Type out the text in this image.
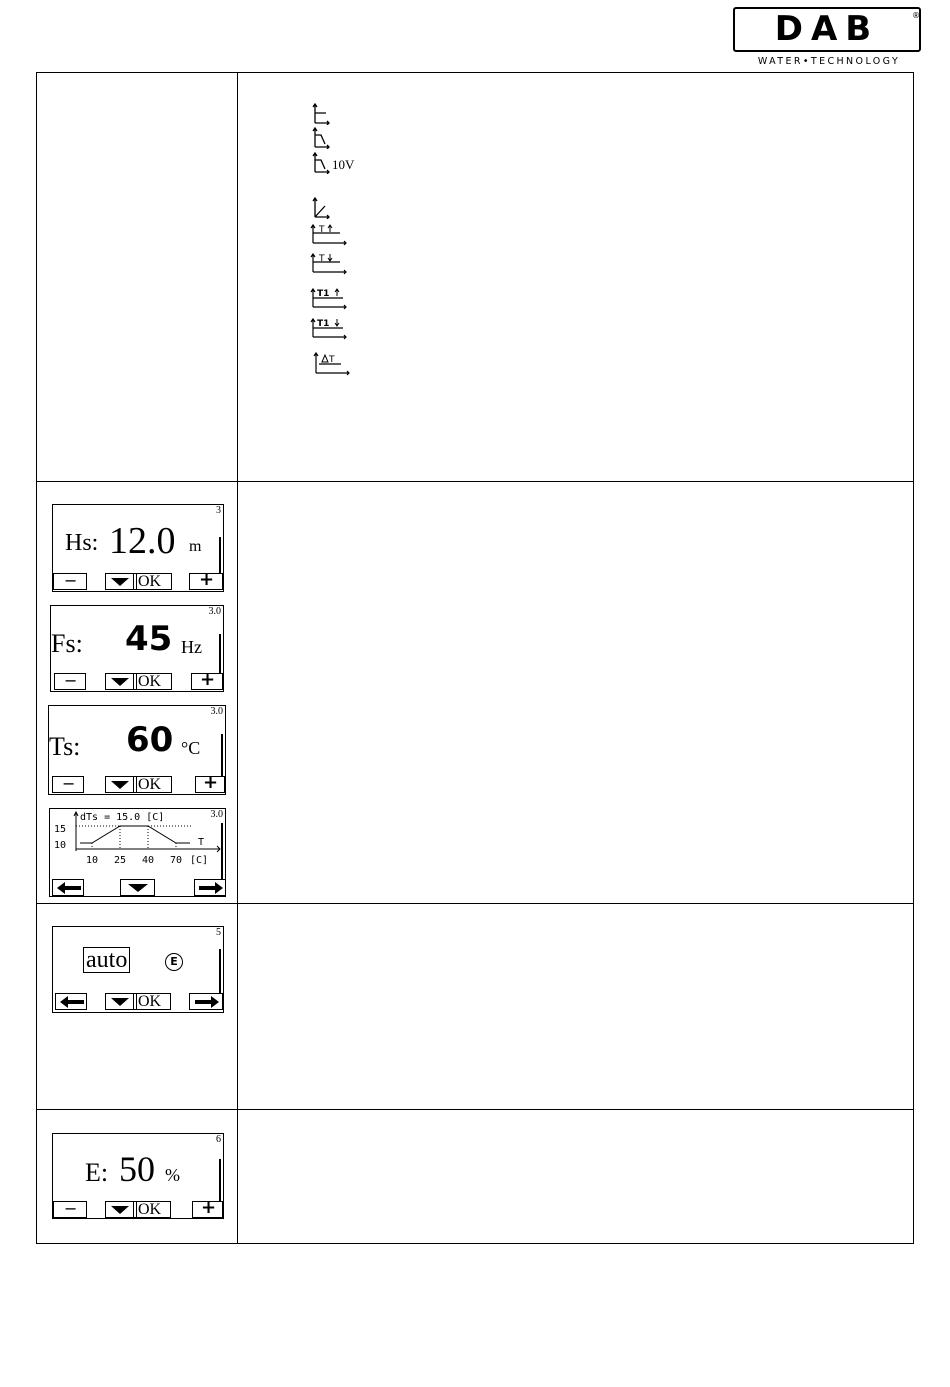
DAB	®
WATER•TECHNOLOGY
10V
T
T
T1
T1
T
3
Hs: 12.0 m
−	OK +
3.0
Fs: 45 Hz
−	OK +
3.0
Ts: 60 °C
−	OK +
3.0
dTs = 15.0 [C]
15
10
10 25 40 70 [C]
T
5
auto	E
OK
6
E: 50 %
−	OK +
